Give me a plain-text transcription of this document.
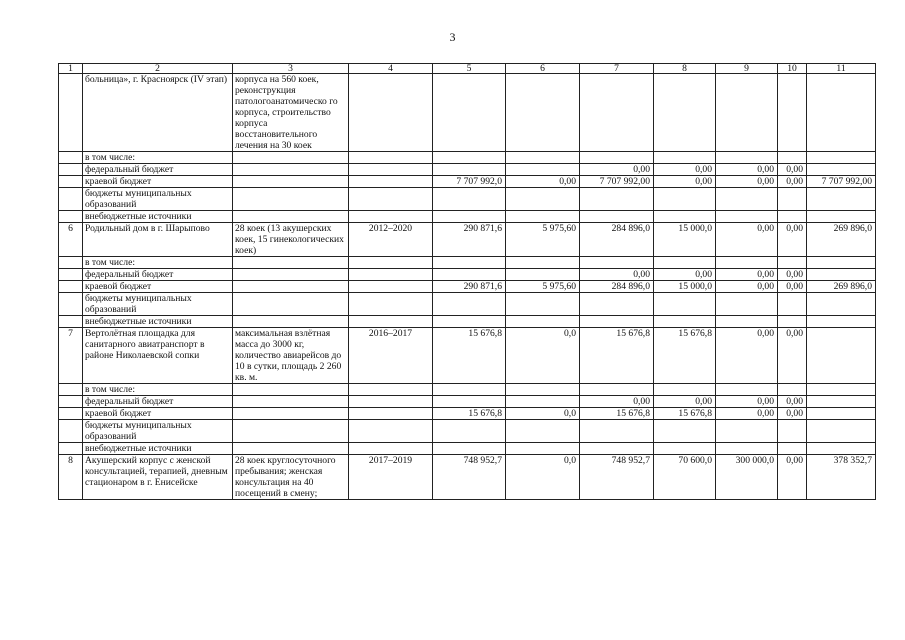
3
1	2	3	4	5	6	7	8	9	10	11
	больница», г. Красноярск (IV этап)	корпуса на 560 коек, реконструкция патологоанатомическо го корпуса, строительство корпуса восстановительного лечения на 30 коек								
	в том числе:									
	федеральный бюджет					0,00	0,00	0,00	0,00	
	краевой бюджет			7 707 992,0	0,00	7 707 992,00	0,00	0,00	0,00	7 707 992,00
	бюджеты муниципальных образований									
	внебюджетные источники									
6	Родильный дом в г. Шарыпово	28 коек (13 акушерских коек, 15 гинекологических коек)	2012–2020	290 871,6	5 975,60	284 896,0	15 000,0	0,00	0,00	269 896,0
	в том числе:									
	федеральный бюджет					0,00	0,00	0,00	0,00	
	краевой бюджет			290 871,6	5 975,60	284 896,0	15 000,0	0,00	0,00	269 896,0
	бюджеты муниципальных образований									
	внебюджетные источники									
7	Вертолётная площадка для санитарного авиатранспорт в районе Николаевской сопки	максимальная взлётная масса до 3000 кг, количество авиарейсов до 10 в сутки, площадь 2 260 кв. м.	2016–2017	15 676,8	0,0	15 676,8	15 676,8	0,00	0,00	
	в том числе:									
	федеральный бюджет					0,00	0,00	0,00	0,00	
	краевой бюджет			15 676,8	0,0	15 676,8	15 676,8	0,00	0,00	
	бюджеты муниципальных образований									
	внебюджетные источники									
8	Акушерский корпус с женской консультацией, терапией, дневным стационаром в г. Енисейске	28 коек круглосуточного пребывания; женская консультация на 40 посещений в смену;	2017–2019	748 952,7	0,0	748 952,7	70 600,0	300 000,0	0,00	378 352,7
